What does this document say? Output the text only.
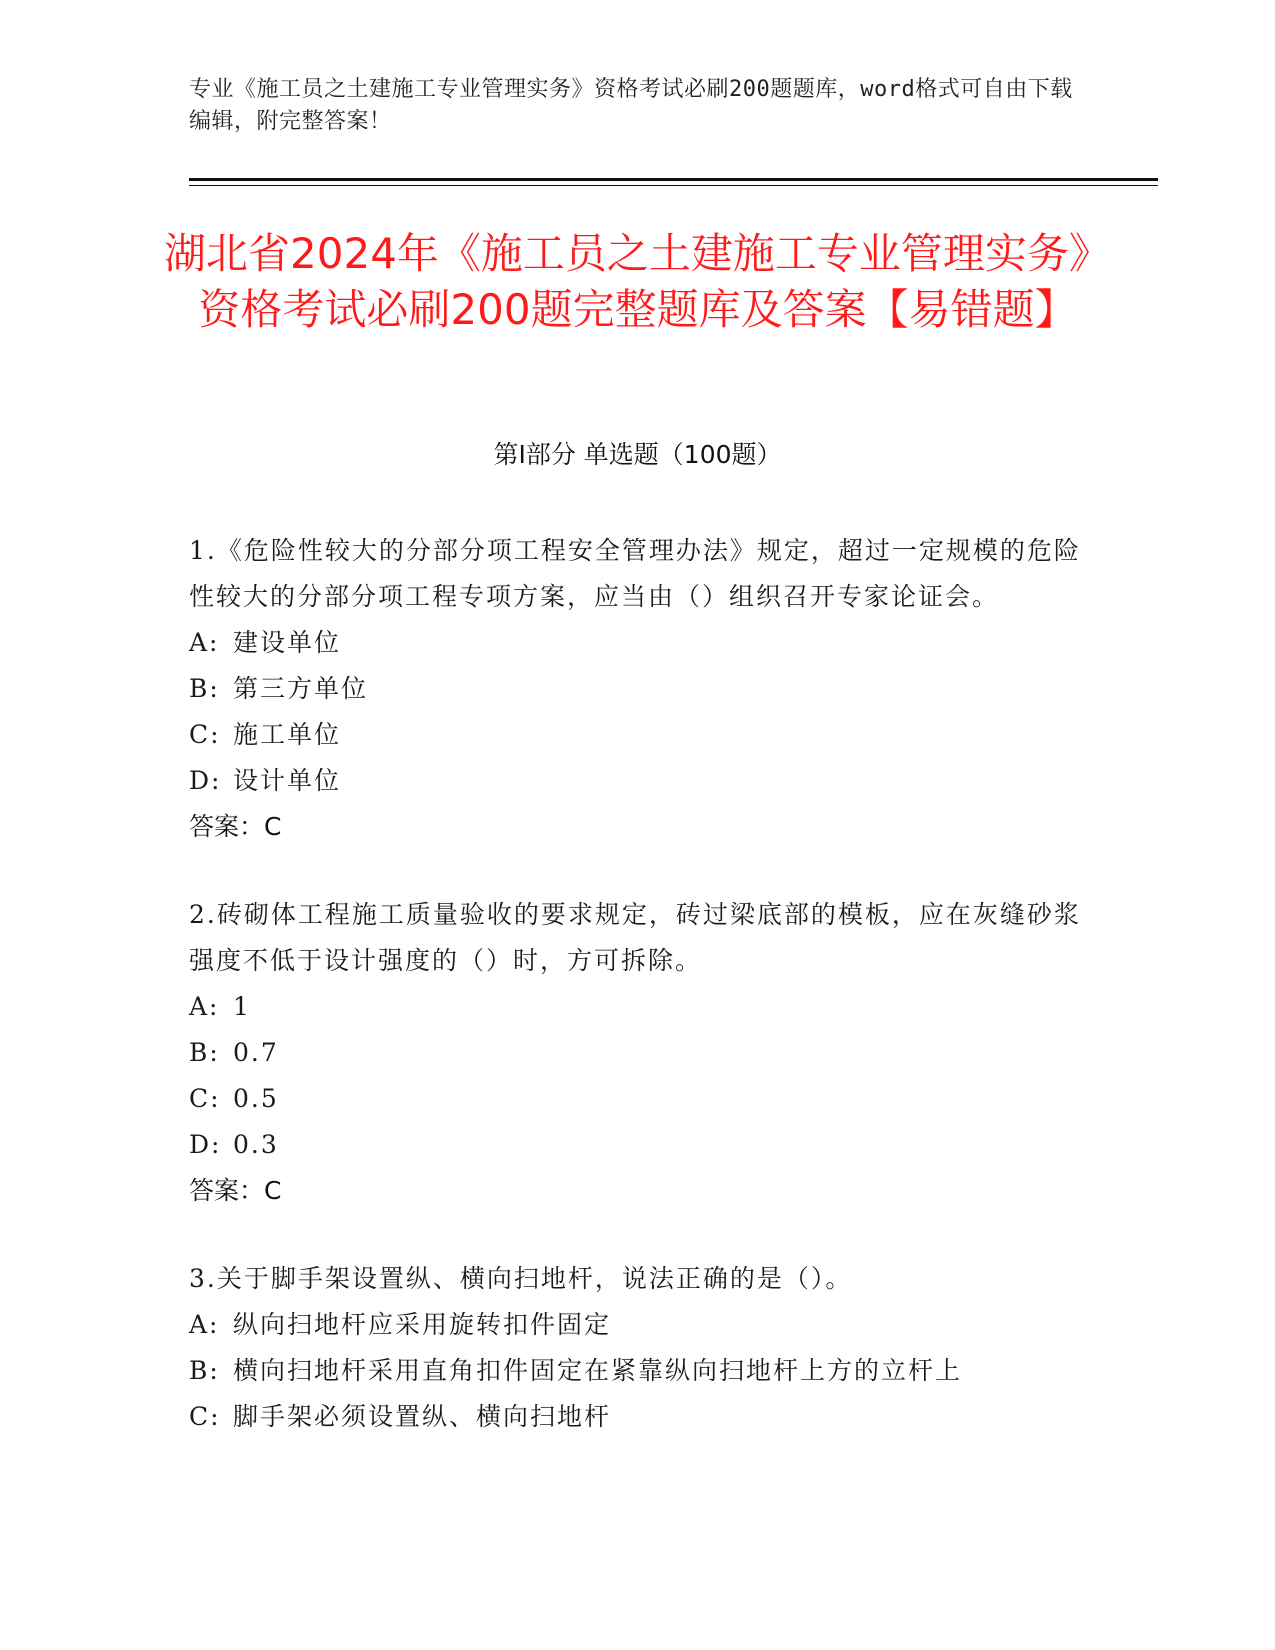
专业《施工员之土建施工专业管理实务》资格考试必刷200题题库，word格式可自由下载编辑，附完整答案！
湖北省2024年《施工员之土建施工专业管理实务》资格考试必刷200题完整题库及答案【易错题】
第Ⅰ部分 单选题（100题）
1.《危险性较大的分部分项工程安全管理办法》规定，超过一定规模的危险性较大的分部分项工程专项方案，应当由（）组织召开专家论证会。
A: 建设单位
B: 第三方单位
C: 施工单位
D: 设计单位
答案：C
2.砖砌体工程施工质量验收的要求规定，砖过梁底部的模板，应在灰缝砂浆强度不低于设计强度的（）时，方可拆除。
A: 1
B: 0.7
C: 0.5
D: 0.3
答案：C
3.关于脚手架设置纵、横向扫地杆，说法正确的是（）。
A: 纵向扫地杆应采用旋转扣件固定
B: 横向扫地杆采用直角扣件固定在紧靠纵向扫地杆上方的立杆上
C: 脚手架必须设置纵、横向扫地杆
